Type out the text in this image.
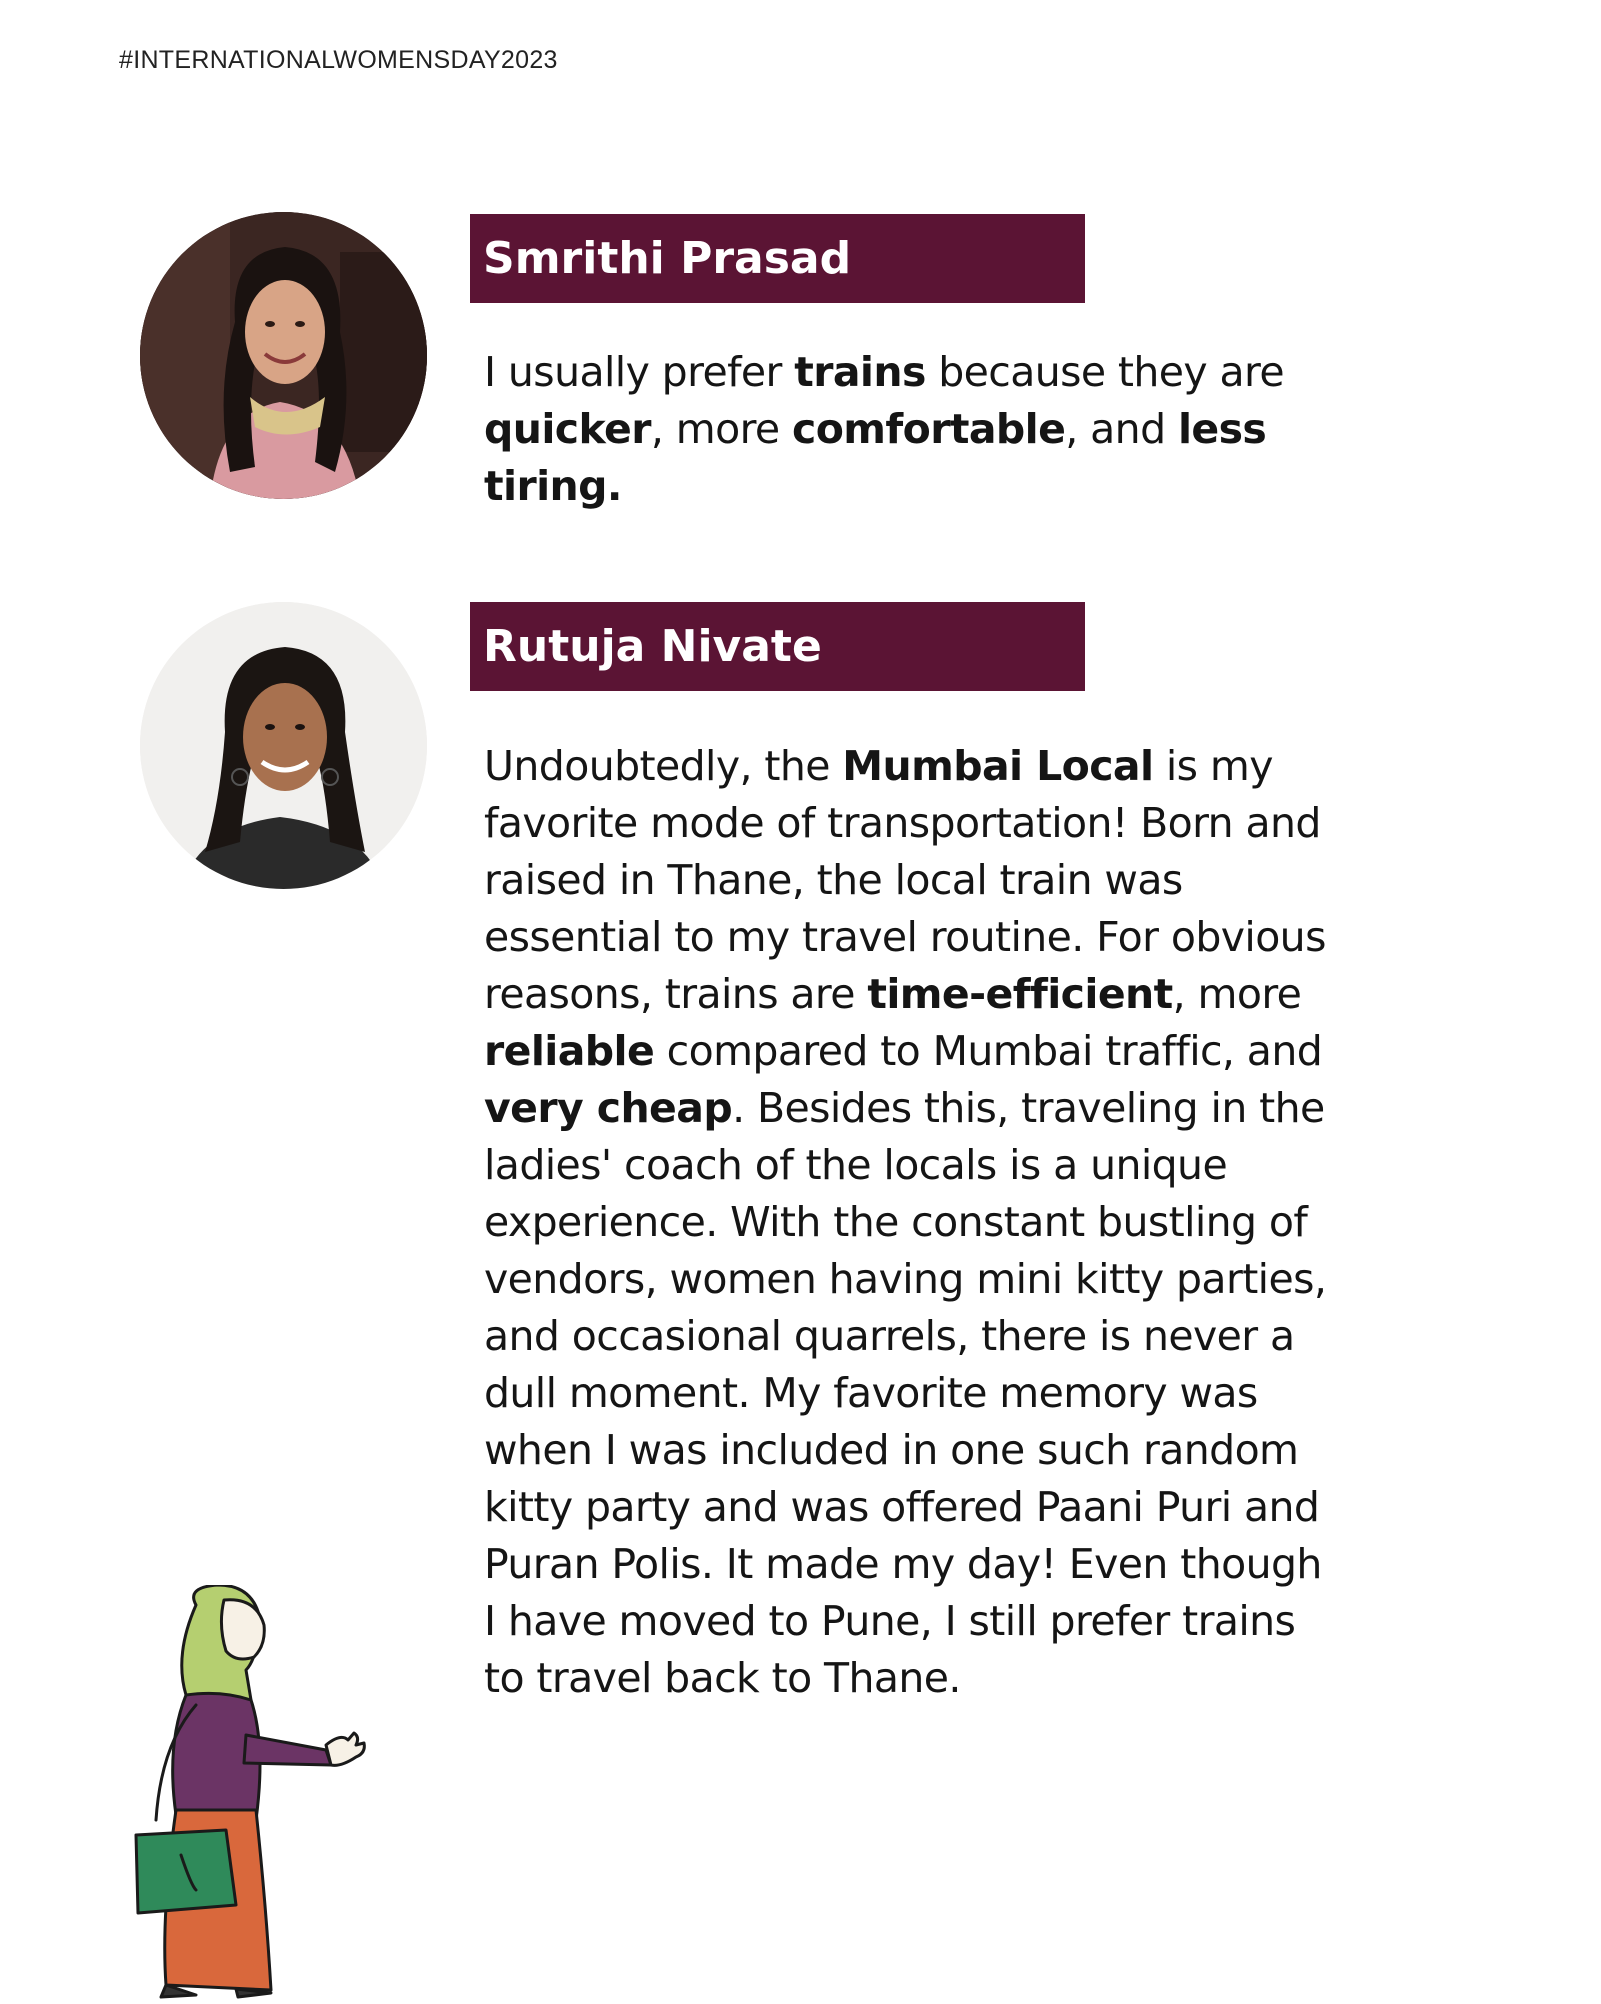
#INTERNATIONALWOMENSDAY2023
Smrithi Prasad

I usually prefer trains because they are
quicker, more comfortable, and less
tiring.

Rutuja Nivate

Undoubtedly, the Mumbai Local is my
favorite mode of transportation! Born and
raised in Thane, the local train was
essential to my travel routine. For obvious
reasons, trains are time-efficient, more
reliable compared to Mumbai traffic, and
very cheap. Besides this, traveling in the
ladies' coach of the locals is a unique
experience. With the constant bustling of
vendors, women having mini kitty parties,
and occasional quarrels, there is never a
dull moment. My favorite memory was
when I was included in one such random
kitty party and was offered Paani Puri and
Puran Polis. It made my day! Even though
I have moved to Pune, I still prefer trains
to travel back to Thane.
